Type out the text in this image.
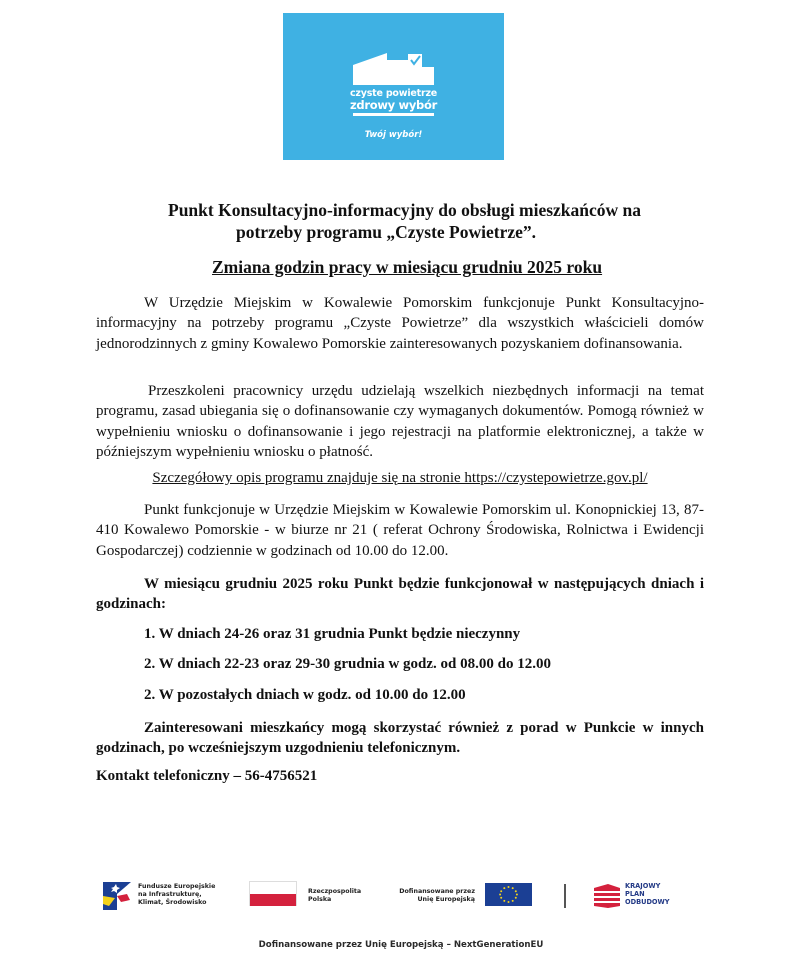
czyste powietrze
zdrowy wybór
Twój wybór!
Punkt Konsultacyjno-informacyjny do obsługi mieszkańców na
potrzeby programu „Czyste Powietrze”.
Zmiana godzin pracy w miesiącu grudniu 2025 roku
W Urzędzie Miejskim w Kowalewie Pomorskim funkcjonuje Punkt Konsultacyjno-informacyjny na potrzeby programu „Czyste Powietrze” dla wszystkich właścicieli domów jednorodzinnych z gminy Kowalewo Pomorskie zainteresowanych pozyskaniem dofinansowania.
Przeszkoleni pracownicy urzędu udzielają wszelkich niezbędnych informacji na temat programu, zasad ubiegania się o dofinansowanie czy wymaganych dokumentów. Pomogą również w wypełnieniu wniosku o dofinansowanie i jego rejestracji na platformie elektronicznej, a także w późniejszym wypełnieniu wniosku o płatność.
Szczegółowy opis programu znajduje się na stronie https://czystepowietrze.gov.pl/
Punkt funkcjonuje w Urzędzie Miejskim w Kowalewie Pomorskim ul. Konopnickiej 13, 87-410 Kowalewo Pomorskie - w biurze nr 21 ( referat Ochrony Środowiska, Rolnictwa i Ewidencji Gospodarczej) codziennie w godzinach od 10.00 do 12.00.
W miesiącu grudniu 2025 roku Punkt będzie funkcjonował w następujących dniach i godzinach:
1. W dniach 24-26 oraz 31 grudnia Punkt będzie nieczynny
2. W dniach 22-23 oraz 29-30 grudnia w godz. od 08.00 do 12.00
2. W pozostałych dniach w godz. od 10.00 do 12.00
Zainteresowani mieszkańcy mogą skorzystać również z porad w Punkcie w innych godzinach, po wcześniejszym uzgodnieniu telefonicznym.
Kontakt telefoniczny – 56-4756521
Fundusze Europejskie
na Infrastrukturę,
Klimat, Środowisko
Rzeczpospolita
Polska
Dofinansowane przez
Unię Europejską
KRAJOWY
PLAN
ODBUDOWY
Dofinansowane przez Unię Europejską – NextGenerationEU
